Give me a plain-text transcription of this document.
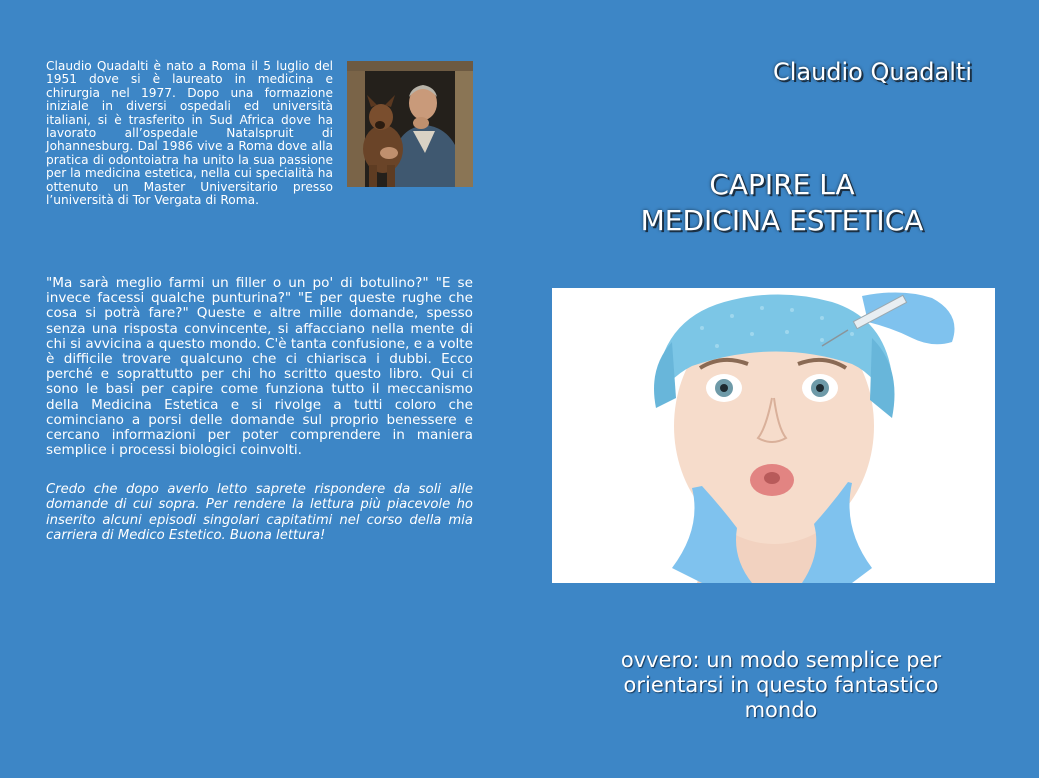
Claudio Quadalti è nato a Roma il 5 luglio del 1951 dove si è laureato in medicina e chirurgia nel 1977. Dopo una formazione iniziale in diversi ospedali ed università italiani, si è trasferito in Sud Africa dove ha lavorato all’ospedale Natalspruit di Johannesburg. Dal 1986 vive a Roma dove alla pratica di odontoiatra ha unito la sua passione per la medicina estetica, nella cui specialità ha ottenuto un Master Universitario presso l’università di Tor Vergata di Roma.
"Ma sarà meglio farmi un filler o un po' di botulino?" "E se invece facessi qualche punturina?" "E per queste rughe che cosa si potrà fare?" Queste e altre mille domande, spesso senza una risposta convincente, si affacciano nella mente di chi si avvicina a questo mondo. C'è tanta confusione, e a volte è difficile trovare qualcuno che ci chiarisca i dubbi. Ecco perché e soprattutto per chi ho scritto questo libro. Qui ci sono le basi per capire come funziona tutto il meccanismo della Medicina Estetica e si rivolge a tutti coloro che cominciano a porsi delle domande sul proprio benessere e cercano informazioni per poter comprendere in maniera semplice i processi biologici coinvolti.
Credo che dopo averlo letto saprete rispondere da soli alle domande di cui sopra. Per rendere la lettura più piacevole ho inserito alcuni episodi singolari capitatimi nel corso della mia carriera di Medico Estetico. Buona lettura!
Claudio Quadalti
CAPIRE LA
MEDICINA ESTETICA
ovvero: un modo semplice per
orientarsi in questo fantastico
mondo
